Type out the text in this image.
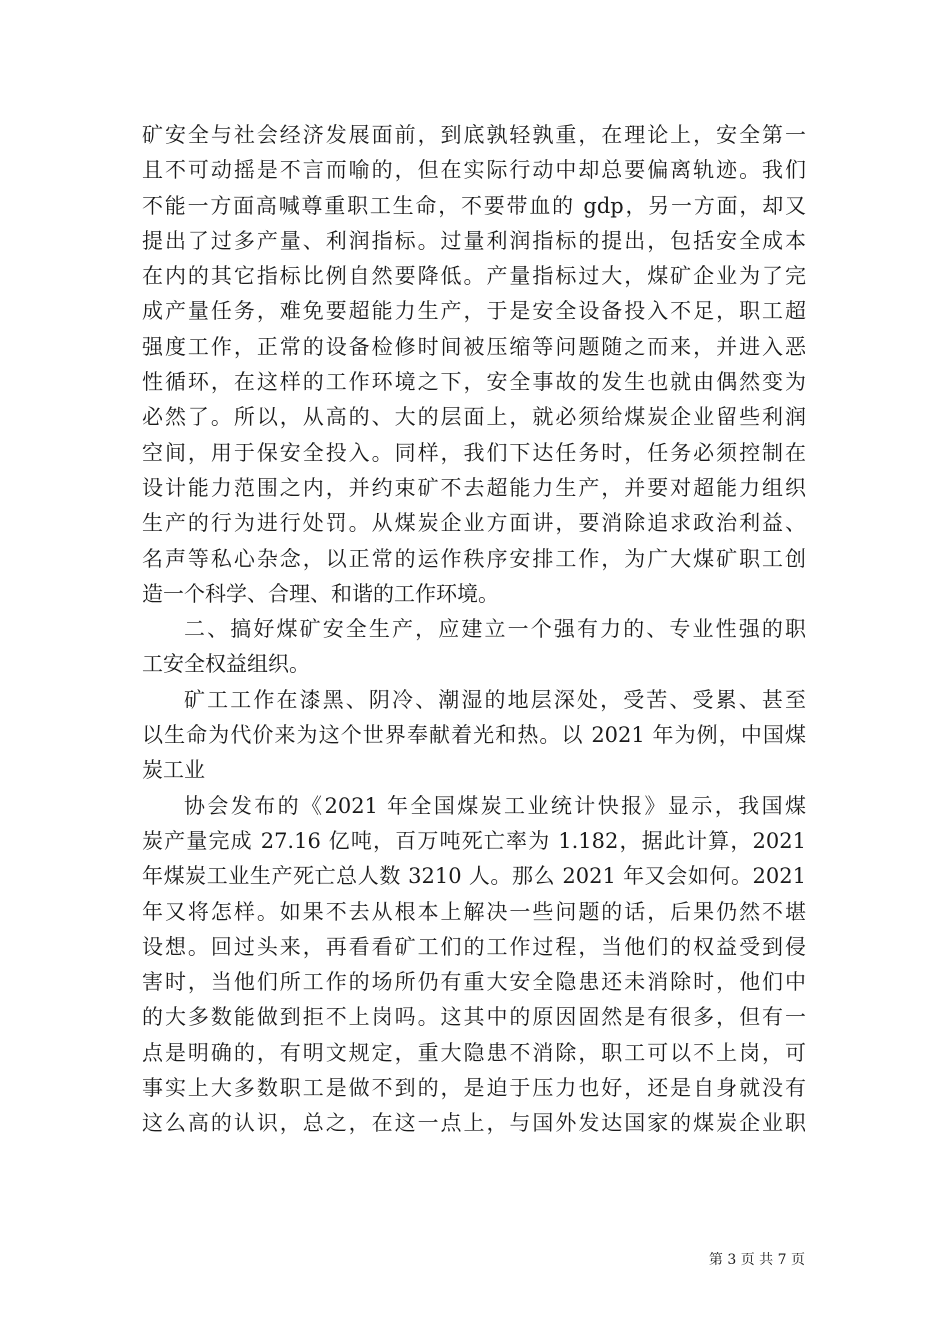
矿安全与社会经济发展面前，到底孰轻孰重，在理论上，安全第一
且不可动摇是不言而喻的，但在实际行动中却总要偏离轨迹。我们
不能一方面高喊尊重职工生命，不要带血的 gdp，另一方面，却又
提出了过多产量、利润指标。过量利润指标的提出，包括安全成本
在内的其它指标比例自然要降低。产量指标过大，煤矿企业为了完
成产量任务，难免要超能力生产，于是安全设备投入不足，职工超
强度工作，正常的设备检修时间被压缩等问题随之而来，并进入恶
性循环，在这样的工作环境之下，安全事故的发生也就由偶然变为
必然了。所以，从高的、大的层面上，就必须给煤炭企业留些利润
空间，用于保安全投入。同样，我们下达任务时，任务必须控制在
设计能力范围之内，并约束矿不去超能力生产，并要对超能力组织
生产的行为进行处罚。从煤炭企业方面讲，要消除追求政治利益、
名声等私心杂念，以正常的运作秩序安排工作，为广大煤矿职工创
造一个科学、合理、和谐的工作环境。
二、搞好煤矿安全生产，应建立一个强有力的、专业性强的职
工安全权益组织。
矿工工作在漆黑、阴冷、潮湿的地层深处，受苦、受累、甚至
以生命为代价来为这个世界奉献着光和热。以 2021 年为例，中国煤
炭工业
协会发布的《2021 年全国煤炭工业统计快报》显示，我国煤
炭产量完成 27.16 亿吨，百万吨死亡率为 1.182，据此计算，2021
年煤炭工业生产死亡总人数 3210 人。那么 2021 年又会如何。2021
年又将怎样。如果不去从根本上解决一些问题的话，后果仍然不堪
设想。回过头来，再看看矿工们的工作过程，当他们的权益受到侵
害时，当他们所工作的场所仍有重大安全隐患还未消除时，他们中
的大多数能做到拒不上岗吗。这其中的原因固然是有很多，但有一
点是明确的，有明文规定，重大隐患不消除，职工可以不上岗，可
事实上大多数职工是做不到的，是迫于压力也好，还是自身就没有
这么高的认识，总之，在这一点上，与国外发达国家的煤炭企业职
第 3 页 共 7 页
